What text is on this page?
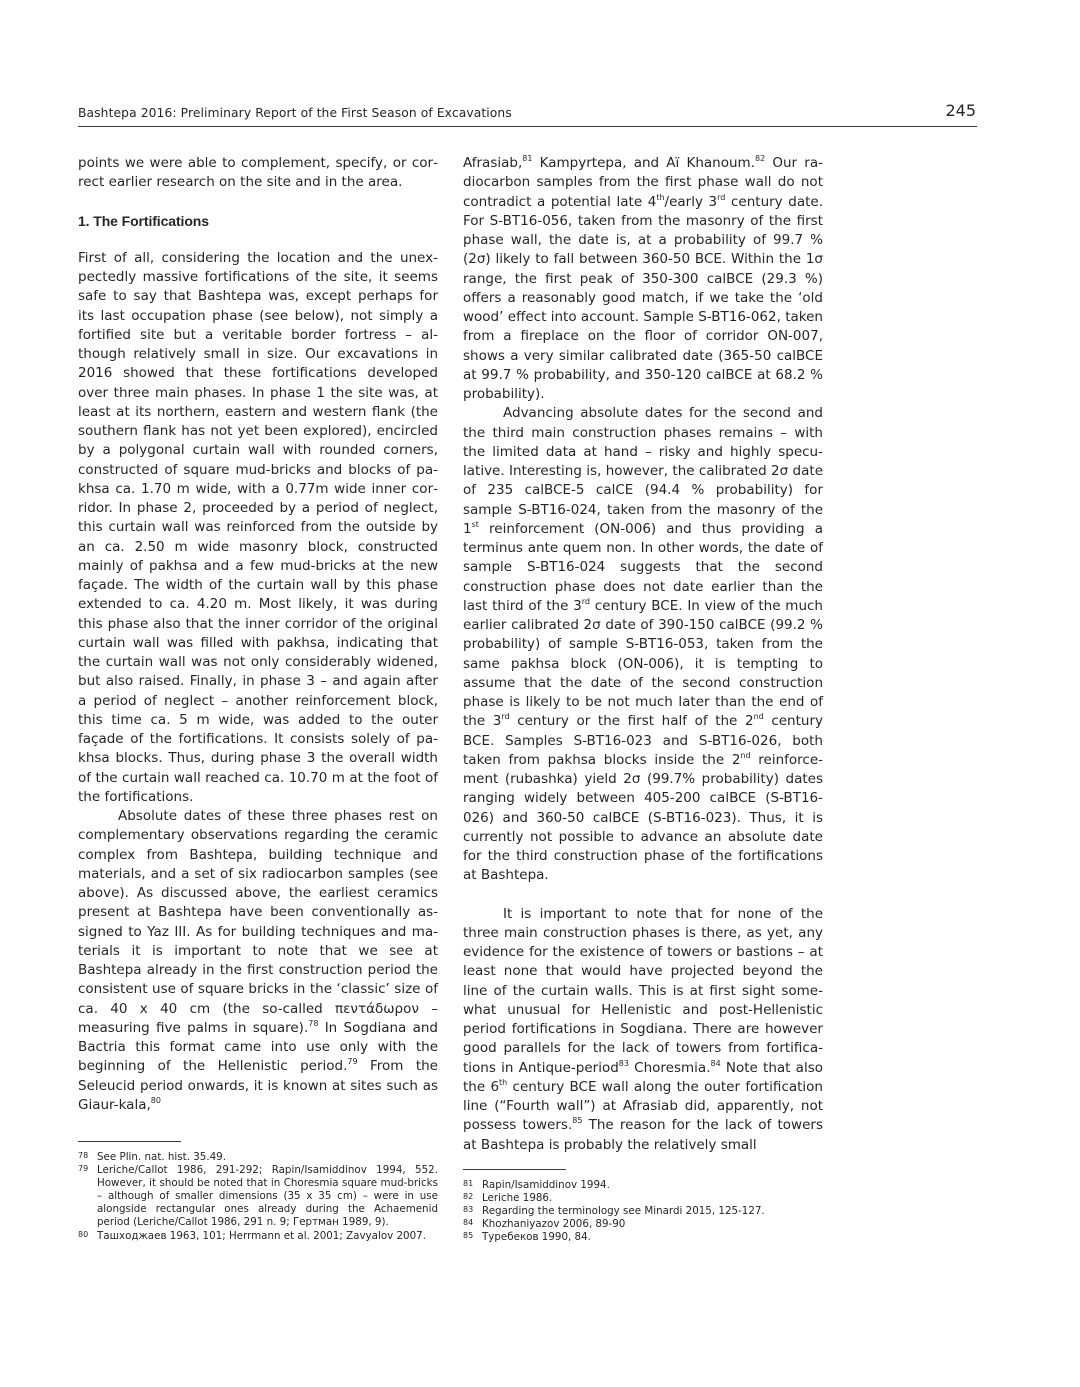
Bashtepa 2016: Preliminary Report of the First Season of Excavations	245

points we were able to complement, specify, or correct earlier research on the site and in the area.

1. The Fortifications

First of all, considering the location and the unexpectedly massive fortifications of the site, it seems safe to say that Bashtepa was, except perhaps for its last occupation phase (see below), not simply a fortified site but a veritable border fortress – although relatively small in size. Our excavations in 2016 showed that these fortifications developed over three main phases. In phase 1 the site was, at least at its northern, eastern and western flank (the southern flank has not yet been explored), encircled by a polygonal curtain wall with rounded corners, constructed of square mud-bricks and blocks of pakhsa ca. 1.70 m wide, with a 0.77m wide inner corridor. In phase 2, proceeded by a period of neglect, this curtain wall was reinforced from the outside by an ca. 2.50 m wide masonry block, constructed mainly of pakhsa and a few mud-bricks at the new façade. The width of the curtain wall by this phase extended to ca. 4.20 m. Most likely, it was during this phase also that the inner corridor of the original curtain wall was filled with pakhsa, indicating that the curtain wall was not only considerably widened, but also raised. Finally, in phase 3 – and again after a period of neglect – another reinforcement block, this time ca. 5 m wide, was added to the outer façade of the fortifications. It consists solely of pakhsa blocks. Thus, during phase 3 the overall width of the curtain wall reached ca. 10.70 m at the foot of the fortifications.

Absolute dates of these three phases rest on complementary observations regarding the ceramic complex from Bashtepa, building technique and materials, and a set of six radiocarbon samples (see above). As discussed above, the earliest ceramics present at Bashtepa have been conventionally assigned to Yaz III. As for building techniques and materials it is important to note that we see at Bashtepa already in the first construction period the consistent use of square bricks in the ‘classic’ size of ca. 40 x 40 cm (the so-called πεντάδωρον – measuring five palms in square).$^{78}$ In Sogdiana and Bactria this format came into use only with the beginning of the Hellenistic period.$^{79}$ From the Seleucid period onwards, it is known at sites such as Giaur-kala,$^{80}$

Afrasiab,$^{81}$ Kampyrtepa, and Aï Khanoum.$^{82}$ Our radiocarbon samples from the first phase wall do not contradict a potential late 4th/early 3rd century date. For S-BT16-056, taken from the masonry of the first phase wall, the date is, at a probability of 99.7 % (2σ) likely to fall between 360-50 BCE. Within the 1σ range, the first peak of 350-300 calBCE (29.3 %) offers a reasonably good match, if we take the ‘old wood’ effect into account. Sample S-BT16-062, taken from a fireplace on the floor of corridor ON-007, shows a very similar calibrated date (365-50 calBCE at 99.7 % probability, and 350-120 calBCE at 68.2 % probability).

Advancing absolute dates for the second and the third main construction phases remains – with the limited data at hand – risky and highly speculative. Interesting is, however, the calibrated 2σ date of 235 calBCE-5 calCE (94.4 % probability) for sample S-BT16-024, taken from the masonry of the 1st reinforcement (ON-006) and thus providing a terminus ante quem non. In other words, the date of sample S-BT16-024 suggests that the second construction phase does not date earlier than the last third of the 3rd century BCE. In view of the much earlier calibrated 2σ date of 390-150 calBCE (99.2 % probability) of sample S-BT16-053, taken from the same pakhsa block (ON-006), it is tempting to assume that the date of the second construction phase is likely to be not much later than the end of the 3rd century or the first half of the 2nd century BCE. Samples S-BT16-023 and S-BT16-026, both taken from pakhsa blocks inside the 2nd reinforcement (rubashka) yield 2σ (99.7% probability) dates ranging widely between 405-200 calBCE (S-BT16-026) and 360-50 calBCE (S-BT16-023). Thus, it is currently not possible to advance an absolute date for the third construction phase of the fortifications at Bashtepa.

It is important to note that for none of the three main construction phases is there, as yet, any evidence for the existence of towers or bastions – at least none that would have projected beyond the line of the curtain walls. This is at first sight somewhat unusual for Hellenistic and post-Hellenistic period fortifications in Sogdiana. There are however good parallels for the lack of towers from fortifications in Antique-period$^{83}$ Choresmia.$^{84}$ Note that also the 6th century BCE wall along the outer fortification line (“Fourth wall”) at Afrasiab did, apparently, not possess towers.$^{85}$ The reason for the lack of towers at Bashtepa is probably the relatively small

78 See Plin. nat. hist. 35.49.
79 Leriche/Callot 1986, 291-292; Rapin/Isamiddinov 1994, 552. However, it should be noted that in Choresmia square mud-bricks – although of smaller dimensions (35 x 35 cm) – were in use alongside rectangular ones already during the Achaemenid period (Leriche/Callot 1986, 291 n. 9; Гертман 1989, 9).
80 Ташходжаев 1963, 101; Herrmann et al. 2001; Zavyalov 2007.
81 Rapin/Isamiddinov 1994.
82 Leriche 1986.
83 Regarding the terminology see Minardi 2015, 125-127.
84 Khozhaniyazov 2006, 89-90
85 Туребеков 1990, 84.
